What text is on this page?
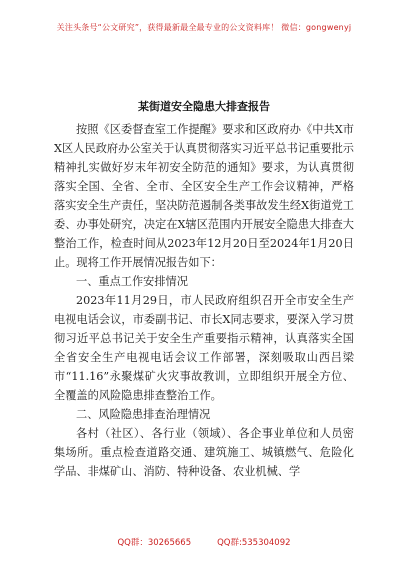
关注头条号“公文研究”，获得最新最全最专业的公文资料库！ 微信：gongwenyj
某街道安全隐患大排查报告

按照《区委督查室工作提醒》要求和区政府办《中共X市X区人民政府办公室关于认真贯彻落实习近平总书记重要批示精神扎实做好岁末年初安全防范的通知》要求，为认真贯彻落实全国、全省、全市、全区安全生产工作会议精神，严格落实安全生产责任，坚决防范遏制各类事故发生经X街道党工委、办事处研究，决定在X辖区范围内开展安全隐患大排查大整治工作，检查时间从2023年12月20日至2024年1月20日止。现将工作开展情况报告如下：

一、重点工作安排情况

2023年11月29日，市人民政府组织召开全市安全生产电视电话会议，市委副书记、市长X同志要求，要深入学习贯彻习近平总书记关于安全生产重要指示精神，认真落实全国全省安全生产电视电话会议工作部署，深刻吸取山西吕梁市“11.16”永聚煤矿火灾事故教训，立即组织开展全方位、全覆盖的风险隐患排查整治工作。

二、风险隐患排查治理情况

各村（社区）、各行业（领域）、各企事业单位和人员密集场所。重点检查道路交通、建筑施工、城镇燃气、危险化学品、非煤矿山、消防、特种设备、农业机械、学

QQ群：30265665	QQ群:535304092
